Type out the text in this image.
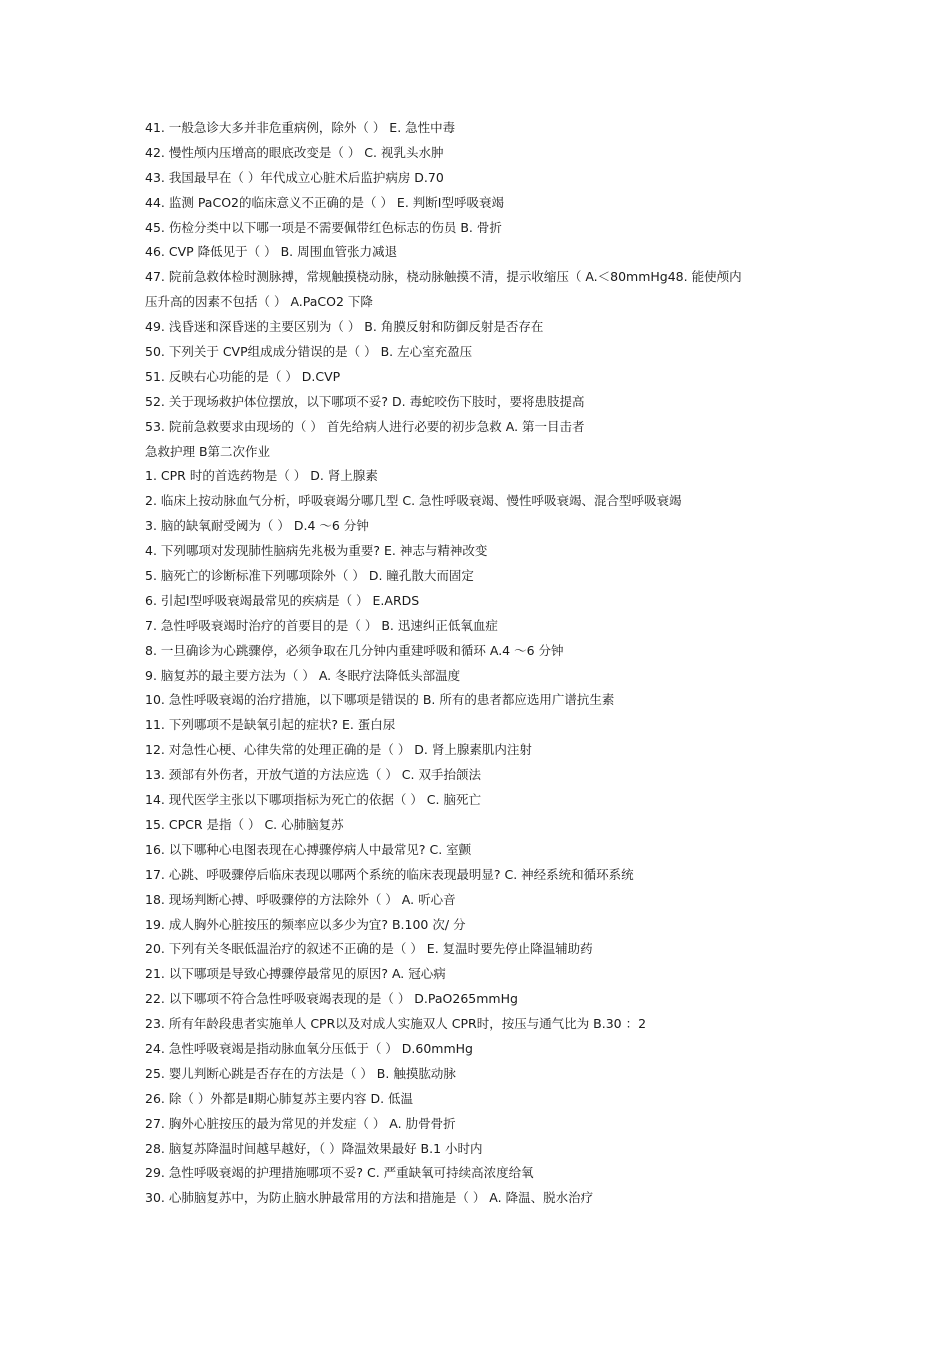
41. 一般急诊大多并非危重病例，除外（ ） E. 急性中毒
42. 慢性颅内压增高的眼底改变是（ ） C. 视乳头水肿
43. 我国最早在（ ）年代成立心脏术后监护病房 D.70
44. 监测 PaCO2的临床意义不正确的是（ ） E. 判断Ⅰ型呼吸衰竭
45. 伤检分类中以下哪一项是不需要佩带红色标志的伤员 B. 骨折
46. CVP 降低见于（ ） B. 周围血管张力减退
47. 院前急救体检时测脉搏，常规触摸桡动脉，桡动脉触摸不清，提示收缩压（ A.＜80mmHg48. 能使颅内
压升高的因素不包括（ ） A.PaCO2 下降
49. 浅昏迷和深昏迷的主要区别为（ ） B. 角膜反射和防御反射是否存在
50. 下列关于 CVP组成成分错误的是（ ） B. 左心室充盈压
51. 反映右心功能的是（ ） D.CVP
52. 关于现场救护体位摆放，以下哪项不妥? D. 毒蛇咬伤下肢时，要将患肢提高
53. 院前急救要求由现场的（ ） 首先给病人进行必要的初步急救 A. 第一目击者
急救护理 B第二次作业
1. CPR 时的首选药物是（ ） D. 肾上腺素
2. 临床上按动脉血气分析，呼吸衰竭分哪几型 C. 急性呼吸衰竭、慢性呼吸衰竭、混合型呼吸衰竭
3. 脑的缺氧耐受阈为（ ） D.4 ～6 分钟
4. 下列哪项对发现肺性脑病先兆极为重要? E. 神志与精神改变
5. 脑死亡的诊断标准下列哪项除外（ ） D. 瞳孔散大而固定
6. 引起Ⅰ型呼吸衰竭最常见的疾病是（ ） E.ARDS
7. 急性呼吸衰竭时治疗的首要目的是（ ） B. 迅速纠正低氧血症
8. 一旦确诊为心跳骤停，必须争取在几分钟内重建呼吸和循环 A.4 ～6 分钟
9. 脑复苏的最主要方法为（ ） A. 冬眠疗法降低头部温度
10. 急性呼吸衰竭的治疗措施，以下哪项是错误的 B. 所有的患者都应选用广谱抗生素
11. 下列哪项不是缺氧引起的症状? E. 蛋白尿
12. 对急性心梗、心律失常的处理正确的是（ ） D. 肾上腺素肌内注射
13. 颈部有外伤者，开放气道的方法应选（ ） C. 双手抬颌法
14. 现代医学主张以下哪项指标为死亡的依据（ ） C. 脑死亡
15. CPCR 是指（ ） C. 心肺脑复苏
16. 以下哪种心电图表现在心搏骤停病人中最常见? C. 室颤
17. 心跳、呼吸骤停后临床表现以哪两个系统的临床表现最明显? C. 神经系统和循环系统
18. 现场判断心搏、呼吸骤停的方法除外（ ） A. 听心音
19. 成人胸外心脏按压的频率应以多少为宜? B.100 次/ 分
20. 下列有关冬眠低温治疗的叙述不正确的是（ ） E. 复温时要先停止降温辅助药
21. 以下哪项是导致心搏骤停最常见的原因? A. 冠心病
22. 以下哪项不符合急性呼吸衰竭表现的是（ ） D.PaO265mmHg
23. 所有年龄段患者实施单人 CPR以及对成人实施双人 CPR时，按压与通气比为 B.30 ：2
24. 急性呼吸衰竭是指动脉血氧分压低于（ ） D.60mmHg
25. 婴儿判断心跳是否存在的方法是（ ） B. 触摸肱动脉
26. 除（ ）外都是Ⅱ期心肺复苏主要内容 D. 低温
27. 胸外心脏按压的最为常见的并发症（ ） A. 肋骨骨折
28. 脑复苏降温时间越早越好，（ ）降温效果最好 B.1 小时内
29. 急性呼吸衰竭的护理措施哪项不妥? C. 严重缺氧可持续高浓度给氧
30. 心肺脑复苏中，为防止脑水肿最常用的方法和措施是（ ） A. 降温、脱水治疗
